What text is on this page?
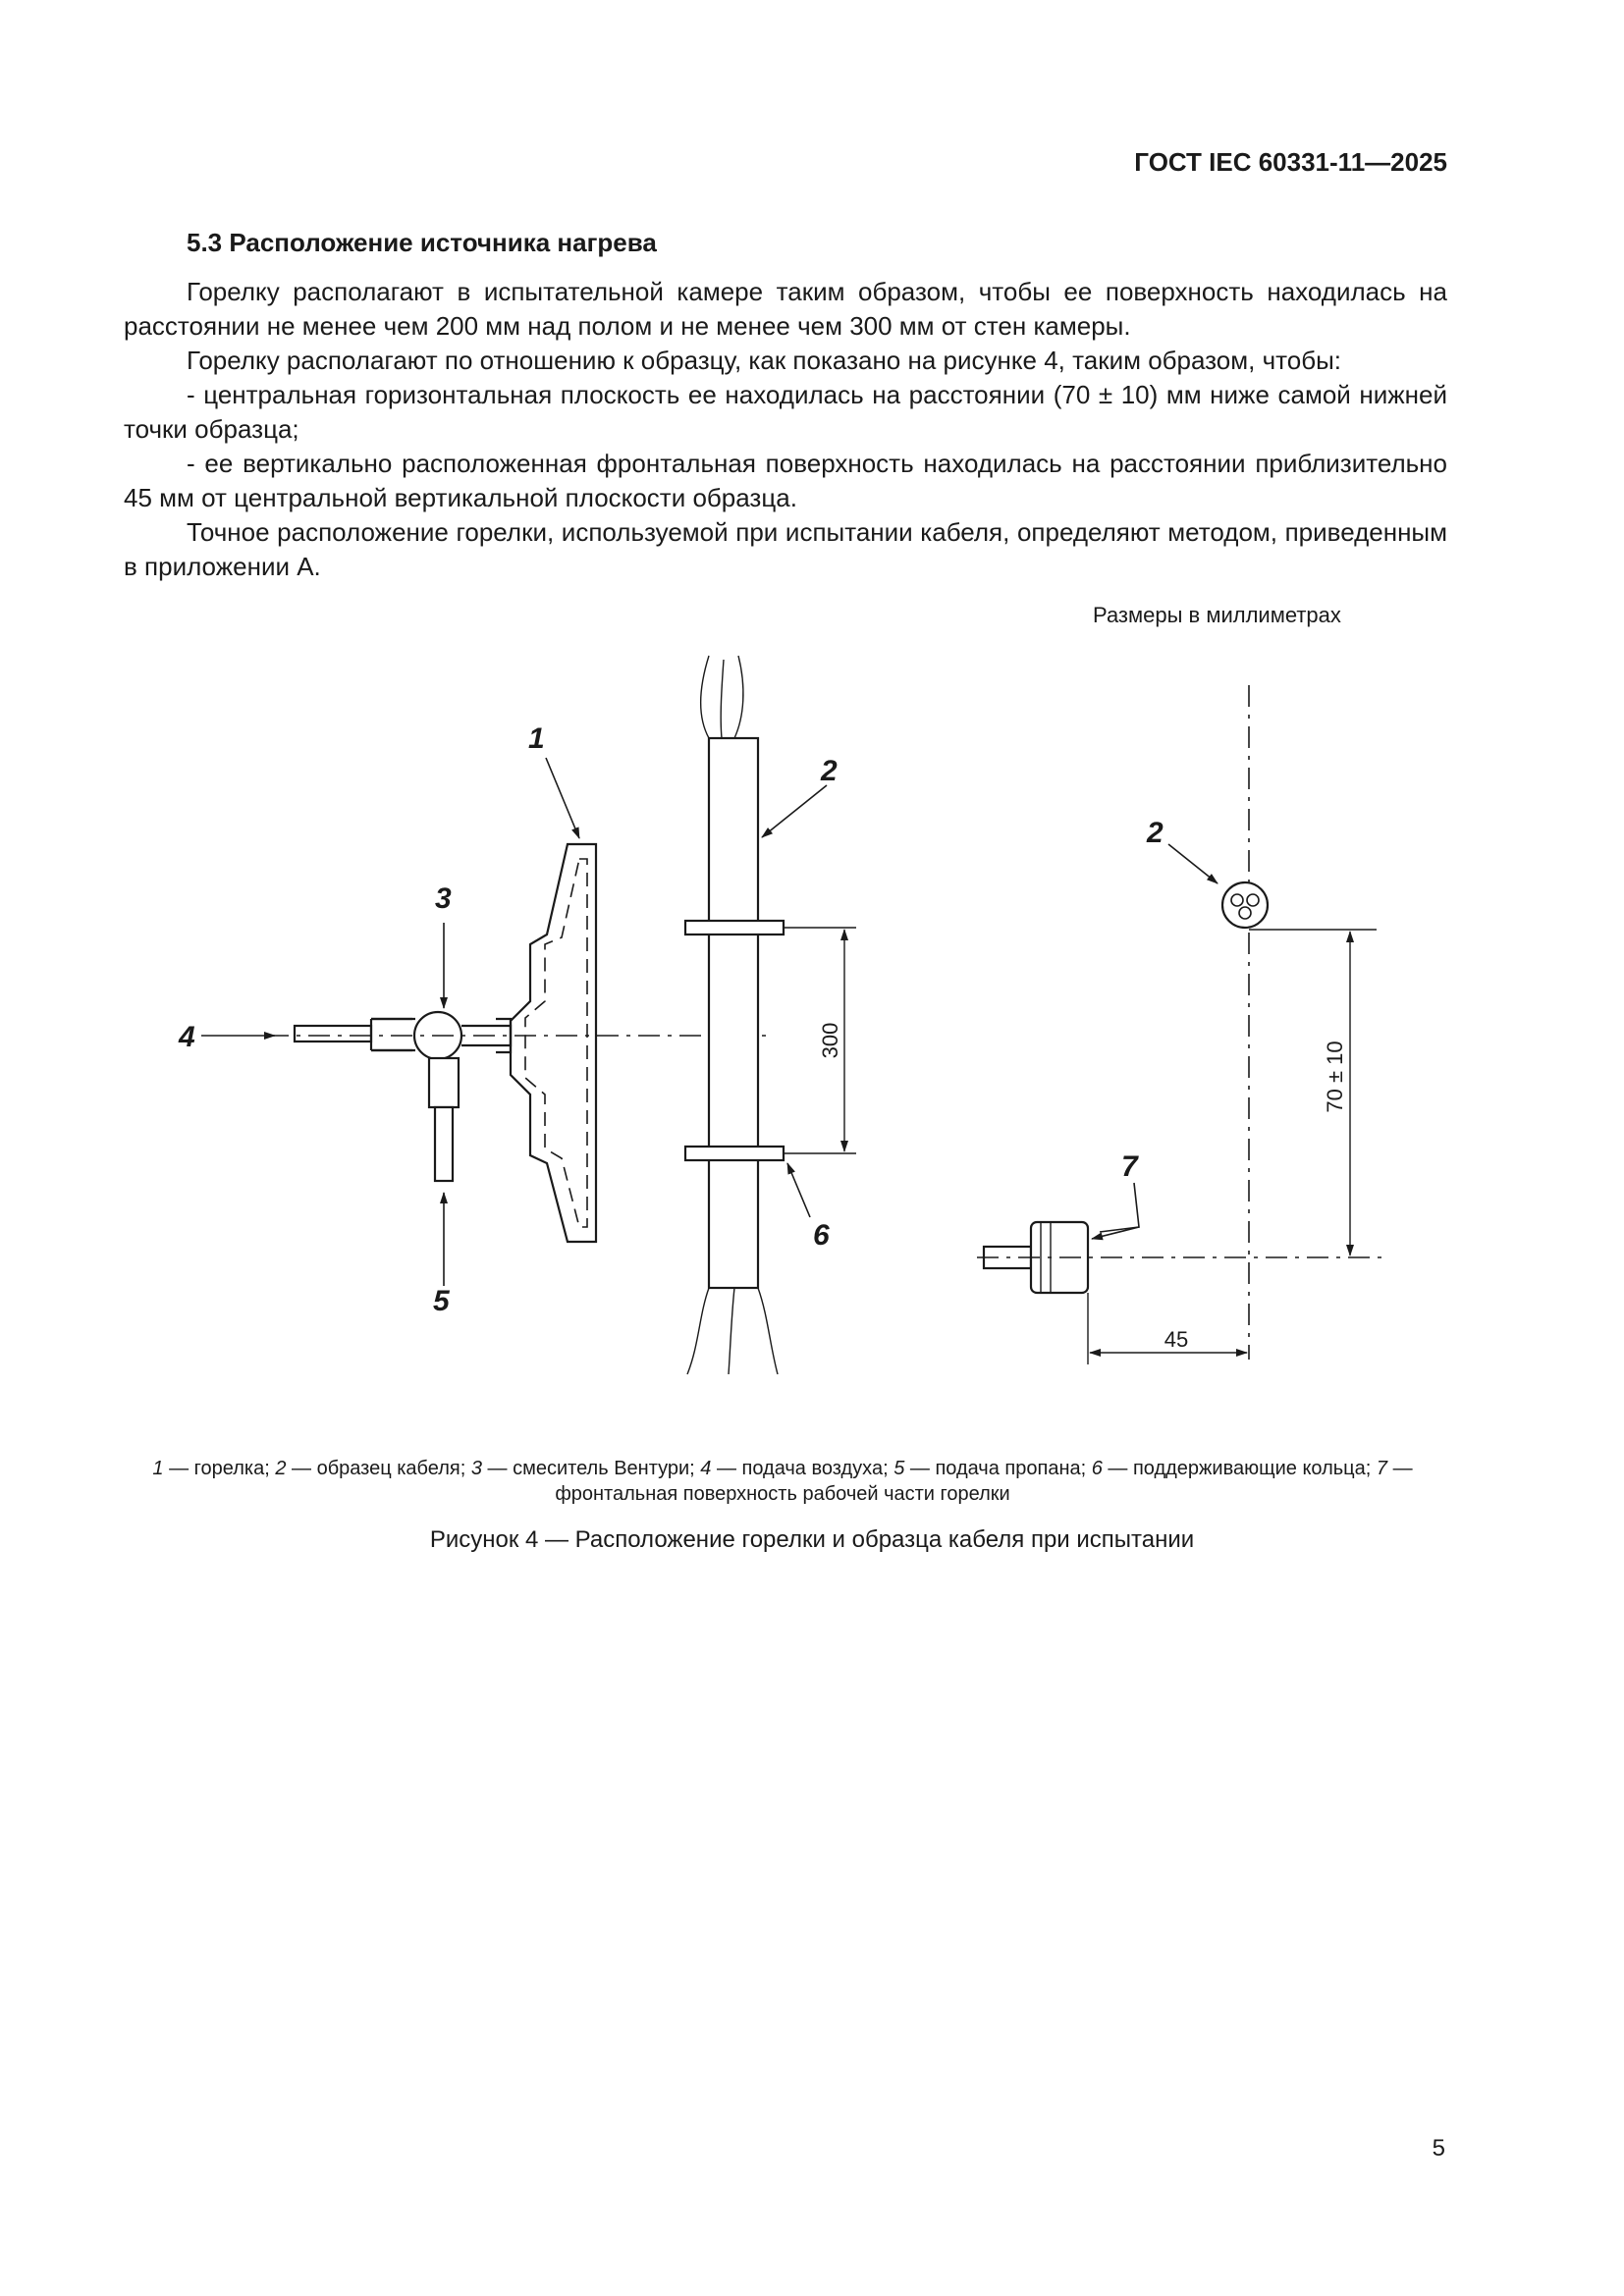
ГОСТ IEC 60331-11—2025
5.3 Расположение источника нагрева

Горелку располагают в испытательной камере таким образом, чтобы ее поверхность находилась на расстоянии не менее чем 200 мм над полом и не менее чем 300 мм от стен камеры.

Горелку располагают по отношению к образцу, как показано на рисунке 4, таким образом, чтобы:

- центральная горизонтальная плоскость ее находилась на расстоянии (70 ± 10) мм ниже самой нижней точки образца;

- ее вертикально расположенная фронтальная поверхность находилась на расстоянии приблизительно 45 мм от центральной вертикальной плоскости образца.

Точное расположение горелки, используемой при испытании кабеля, определяют методом, приведенным в приложении А.

Размеры в миллиметрах
1
2
3
4
5
6
2
7
300
70 ± 10
45
1 — горелка; 2 — образец кабеля; 3 — смеситель Вентури; 4 — подача воздуха; 5 — подача пропана; 6 — поддерживающие кольца; 7 — фронтальная поверхность рабочей части горелки
Рисунок 4 — Расположение горелки и образца кабеля при испытании
5
